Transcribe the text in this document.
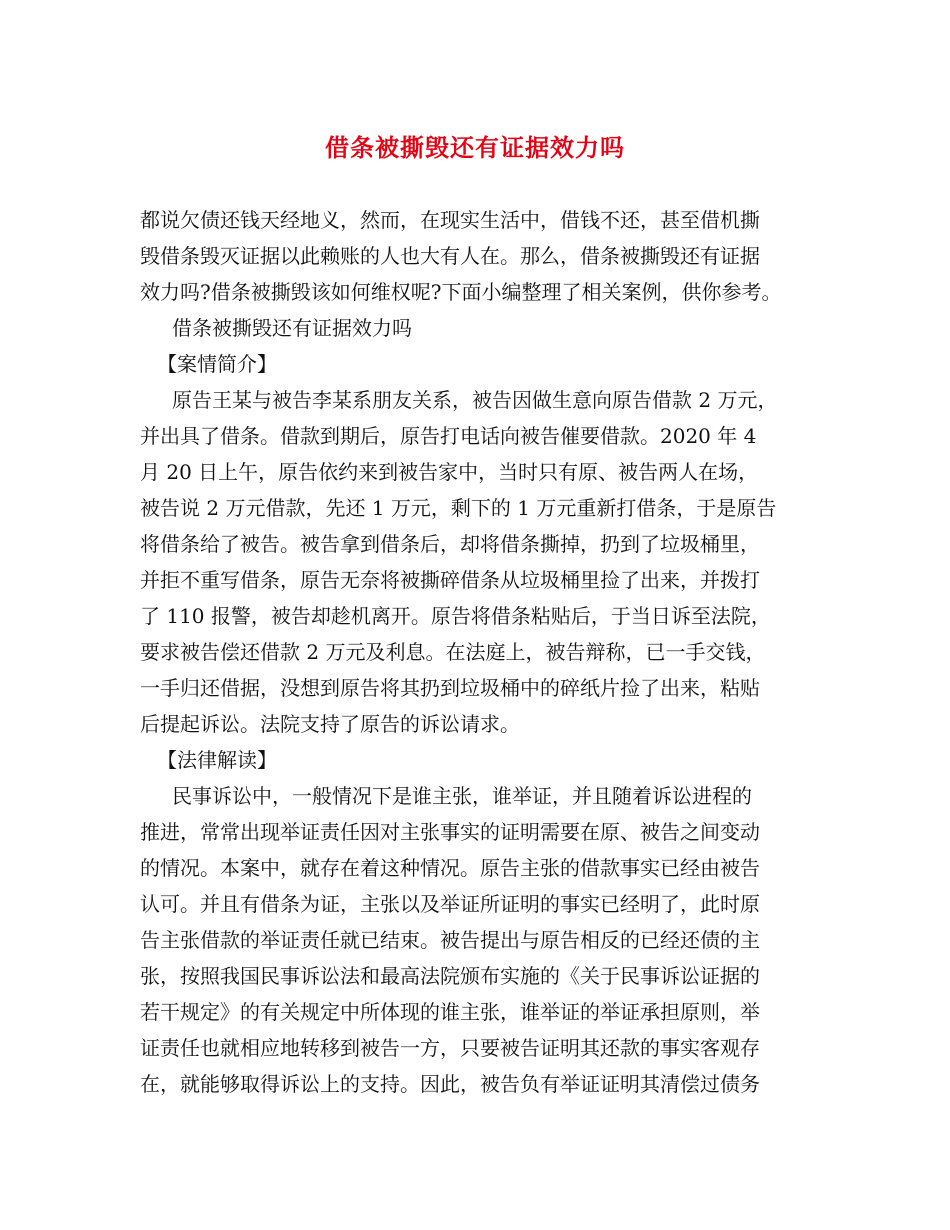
借条被撕毁还有证据效力吗

都说欠债还钱天经地义，然而，在现实生活中，借钱不还，甚至借机撕

毁借条毁灭证据以此赖账的人也大有人在。那么，借条被撕毁还有证据

效力吗?借条被撕毁该如何维权呢?下面小编整理了相关案例，供你参考。

借条被撕毁还有证据效力吗

【案情简介】

原告王某与被告李某系朋友关系，被告因做生意向原告借款 2 万元，

并出具了借条。借款到期后，原告打电话向被告催要借款。2020 年 4

月 20 日上午，原告依约来到被告家中，当时只有原、被告两人在场，

被告说 2 万元借款，先还 1 万元，剩下的 1 万元重新打借条，于是原告

将借条给了被告。被告拿到借条后，却将借条撕掉，扔到了垃圾桶里，

并拒不重写借条，原告无奈将被撕碎借条从垃圾桶里捡了出来，并拨打

了 110 报警，被告却趁机离开。原告将借条粘贴后，于当日诉至法院，

要求被告偿还借款 2 万元及利息。在法庭上，被告辩称，已一手交钱，

一手归还借据，没想到原告将其扔到垃圾桶中的碎纸片捡了出来，粘贴

后提起诉讼。法院支持了原告的诉讼请求。

【法律解读】

民事诉讼中，一般情况下是谁主张，谁举证，并且随着诉讼进程的

推进，常常出现举证责任因对主张事实的证明需要在原、被告之间变动

的情况。本案中，就存在着这种情况。原告主张的借款事实已经由被告

认可。并且有借条为证，主张以及举证所证明的事实已经明了，此时原

告主张借款的举证责任就已结束。被告提出与原告相反的已经还债的主

张，按照我国民事诉讼法和最高法院颁布实施的《关于民事诉讼证据的

若干规定》的有关规定中所体现的谁主张，谁举证的举证承担原则，举

证责任也就相应地转移到被告一方，只要被告证明其还款的事实客观存

在，就能够取得诉讼上的支持。因此，被告负有举证证明其清偿过债务
